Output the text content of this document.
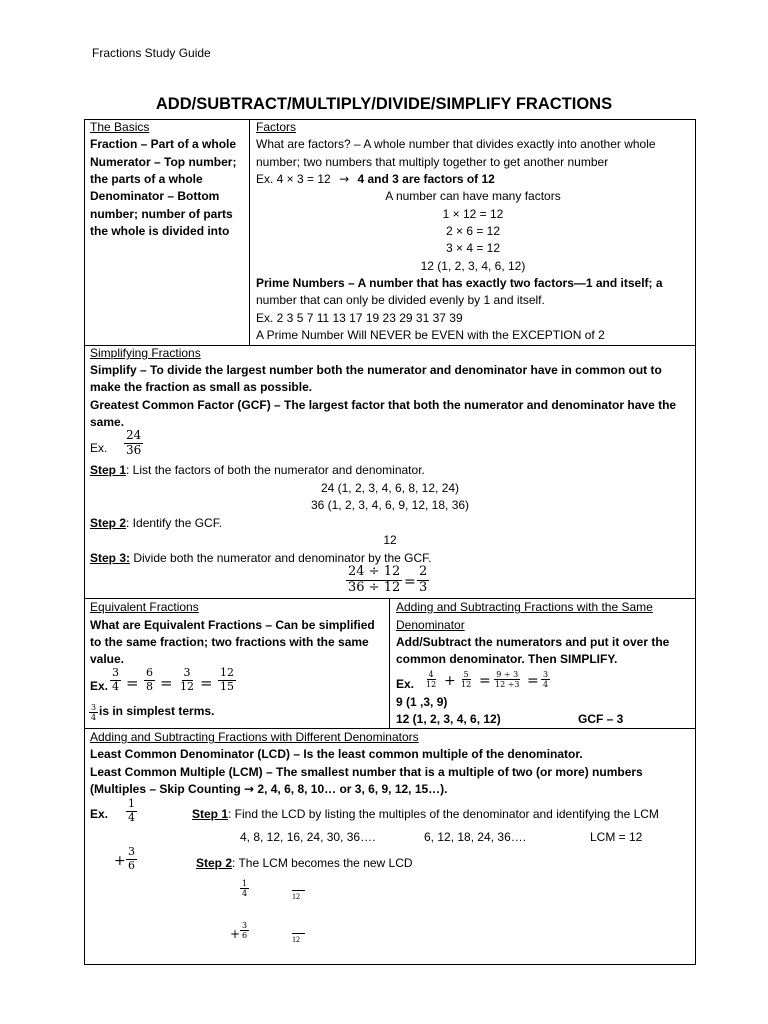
Fractions Study Guide
ADD/SUBTRACT/MULTIPLY/DIVIDE/SIMPLIFY FRACTIONS
The Basics
Fraction – Part of a whole
Numerator – Top number;
the parts of a whole
Denominator – Bottom
number; number of parts
the whole is divided into
Factors
What are factors? – A whole number that divides exactly into another whole
number; two numbers that multiply together to get another number
Ex. 4 × 3 = 12 → 4 and 3 are factors of 12
A number can have many factors
1 × 12 = 12
2 × 6 = 12
3 × 4 = 12
12 (1, 2, 3, 4, 6, 12)
Prime Numbers – A number that has exactly two factors—1 and itself; a
number that can only be divided evenly by 1 and itself.
Ex. 2 3 5 7 11 13 17 19 23 29 31 37 39
A Prime Number Will NEVER be EVEN with the EXCEPTION of 2
Simplifying Fractions
Simplify – To divide the largest number both the numerator and denominator have in common out to
make the fraction as small as possible.
Greatest Common Factor (GCF) – The largest factor that both the numerator and denominator have the
same.
Ex. $\frac{24}{36}$
Step 1: List the factors of both the numerator and denominator.
24 (1, 2, 3, 4, 6, 8, 12, 24)
36 (1, 2, 3, 4, 6, 9, 12, 18, 36)
Step 2: Identify the GCF.
12
Step 3: Divide both the numerator and denominator by the GCF.
$\frac{24 \div 12}{36 \div 12} = \frac{2}{3}$
Equivalent Fractions
What are Equivalent Fractions – Can be simplified
to the same fraction; two fractions with the same
value.
Ex. $\frac{3}{4} = \frac{6}{8} = \frac{3}{12} = \frac{12}{15}$
$\frac{3}{4}$ is in simplest terms.
Adding and Subtracting Fractions with the Same
Denominator
Add/Subtract the numerators and put it over the
common denominator. Then SIMPLIFY.
Ex. $\frac{4}{12} + \frac{5}{12} = \frac{9 \div 3}{12 \div 3} = \frac{3}{4}$
9 (1 ,3, 9)
12 (1, 2, 3, 4, 6, 12)	GCF – 3
Adding and Subtracting Fractions with Different Denominators
Least Common Denominator (LCD) – Is the least common multiple of the denominator.
Least Common Multiple (LCM) – The smallest number that is a multiple of two (or more) numbers
(Multiples – Skip Counting → 2, 4, 6, 8, 10… or 3, 6, 9, 12, 15…).
Ex. $\frac{1}{4}$	Step 1: Find the LCD by listing the multiples of the denominator and identifying the LCM
4, 8, 12, 16, 24, 30, 36….	6, 12, 18, 24, 36….	LCM = 12
+ $\frac{3}{6}$	Step 2: The LCM becomes the new LCD
$\frac{1}{4}$	12
+ $\frac{3}{6}$	12
